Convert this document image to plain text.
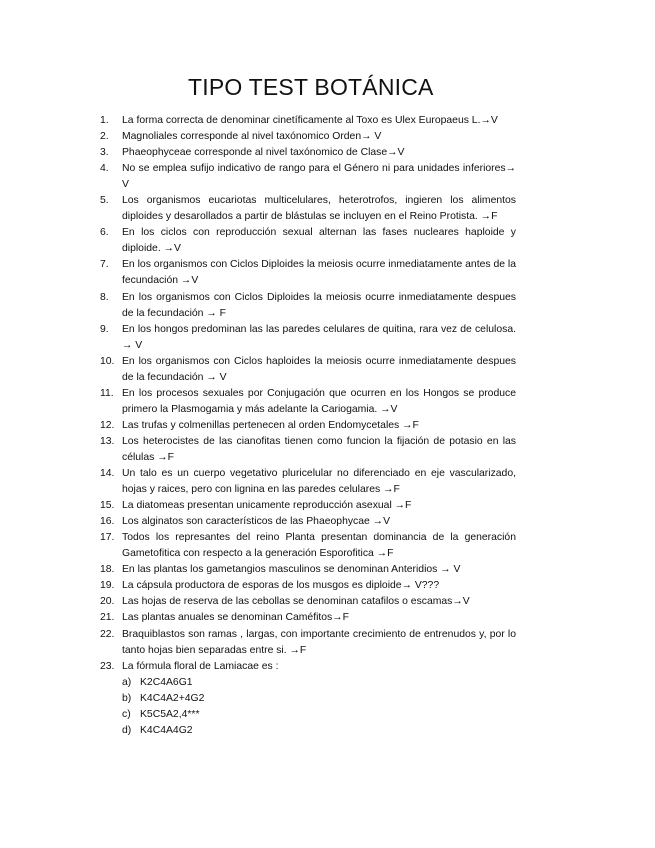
TIPO TEST BOTÁNICA
1.	La forma correcta de denominar cinetíficamente al Toxo es Ulex Europaeus L.→V
2.	Magnoliales corresponde al nivel taxónomico Orden→ V
3.	Phaeophyceae corresponde al nivel taxónomico de Clase→V
4.	No se emplea sufijo indicativo de rango para el Género ni para unidades inferiores→ V
5.	Los organismos eucariotas multicelulares, heterotrofos, ingieren los alimentos diploides y desarollados a partir de blástulas se incluyen en el Reino Protista. →F
6.	En los ciclos con reproducción sexual alternan las fases nucleares haploide y diploide. →V
7.	En los organismos con Ciclos Diploides la meiosis ocurre inmediatamente antes de la fecundación →V
8.	En los organismos con Ciclos Diploides la meiosis ocurre inmediatamente despues de la fecundación → F
9.	En los hongos predominan las las paredes celulares de quitina, rara vez de celulosa. → V
10. En los organismos con Ciclos haploides la meiosis ocurre inmediatamente despues de la fecundación → V
11. En los procesos sexuales por Conjugación que ocurren en los Hongos se produce primero la Plasmogamia y más adelante la Cariogamia. →V
12. Las trufas y colmenillas pertenecen al orden Endomycetales →F
13. Los heterocistes de las cianofitas tienen como funcion la fijación de potasio en las células →F
14. Un talo es un cuerpo vegetativo pluricelular no diferenciado en eje vascularizado, hojas y raices, pero con lignina en las paredes celulares →F
15. La diatomeas presentan unicamente reproducción asexual →F
16. Los alginatos son característicos de las Phaeophycae →V
17. Todos los represantes del reino Planta presentan dominancia de la generación Gametofitica con respecto a la generación Esporofitica →F
18. En las plantas los gametangios masculinos se denominan Anteridios → V
19. La cápsula productora de esporas de los musgos es diploide→ V???
20. Las hojas de reserva de las cebollas se denominan catafilos o escamas→V
21. Las plantas anuales se denominan Caméfitos→F
22. Braquiblastos son ramas , largas, con importante crecimiento de entrenudos y, por lo tanto hojas bien separadas entre si. →F
23. La fórmula floral de Lamiacae es :
a) K2C4A6G1
b) K4C4A2+4G2
c) K5C5A2,4***
d) K4C4A4G2
